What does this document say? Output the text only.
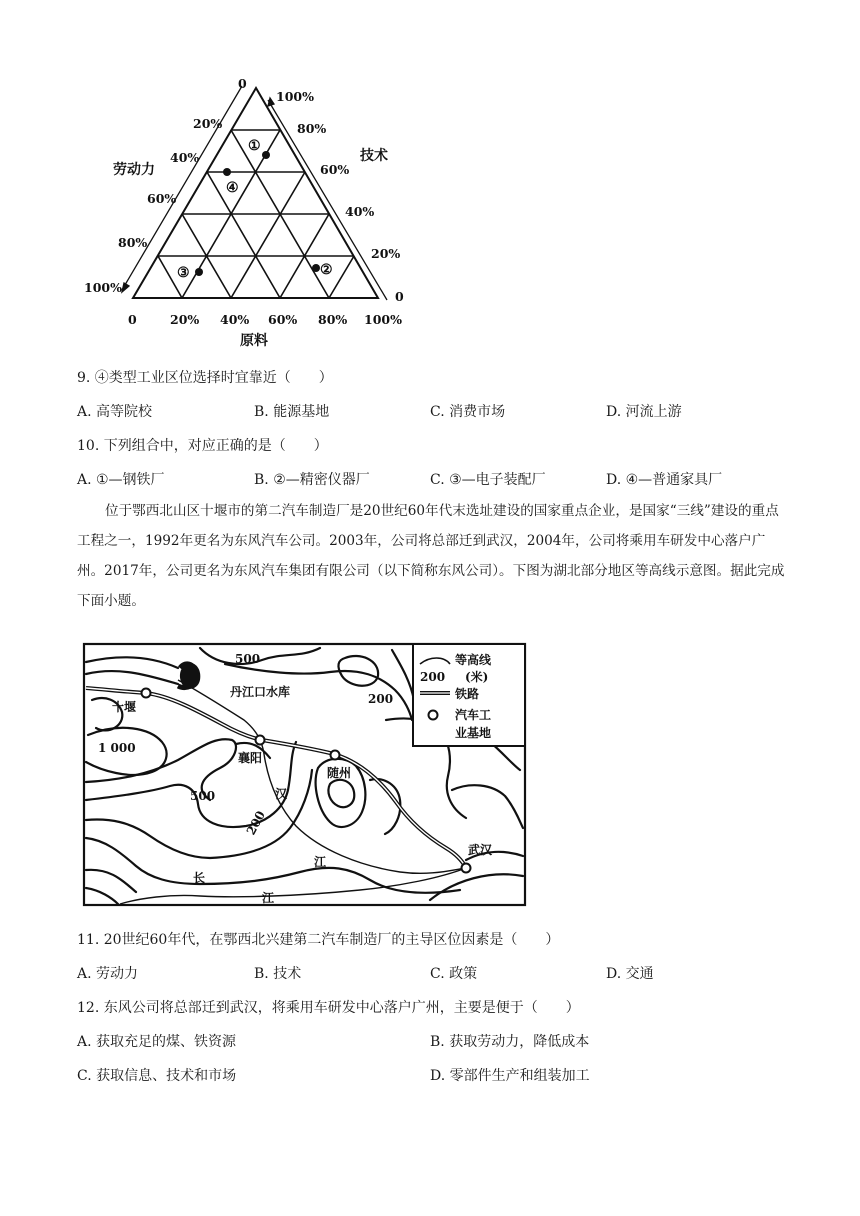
①
④
③	②
0
20%
40%
60%
80%
100%
100%
80%
60%
40%
20%
0
0	20% 40% 60% 80% 100%
劳动力
技术
原料
9. ④类型工业区位选择时宜靠近（　　）
A. 高等院校	B. 能源基地	C. 消费市场	D. 河流上游
10. 下列组合中，对应正确的是（　　）
A. ①—钢铁厂	B. ②—精密仪器厂	C. ③—电子装配厂	D. ④—普通家具厂
位于鄂西北山区十堰市的第二汽车制造厂是20世纪60年代末选址建设的国家重点企业，是国家“三线”建设的重点工程之一，1992年更名为东风汽车公司。2003年，公司将总部迁到武汉，2004年，公司将乘用车研发中心落户广州。2017年，公司更名为东风汽车集团有限公司（以下简称东风公司）。下图为湖北部分地区等高线示意图。据此完成下面小题。
500
200
1 000
500
200
丹江口水库
十堰
襄阳
随州
武汉
汉
江
长
江
等高线
(米)
200
铁路
汽车工
业基地
11. 20世纪60年代，在鄂西北兴建第二汽车制造厂的主导区位因素是（　　）
A. 劳动力	B. 技术	C. 政策	D. 交通
12. 东风公司将总部迁到武汉，将乘用车研发中心落户广州，主要是便于（　　）
A. 获取充足的煤、铁资源	B. 获取劳动力，降低成本
C. 获取信息、技术和市场	D. 零部件生产和组装加工
